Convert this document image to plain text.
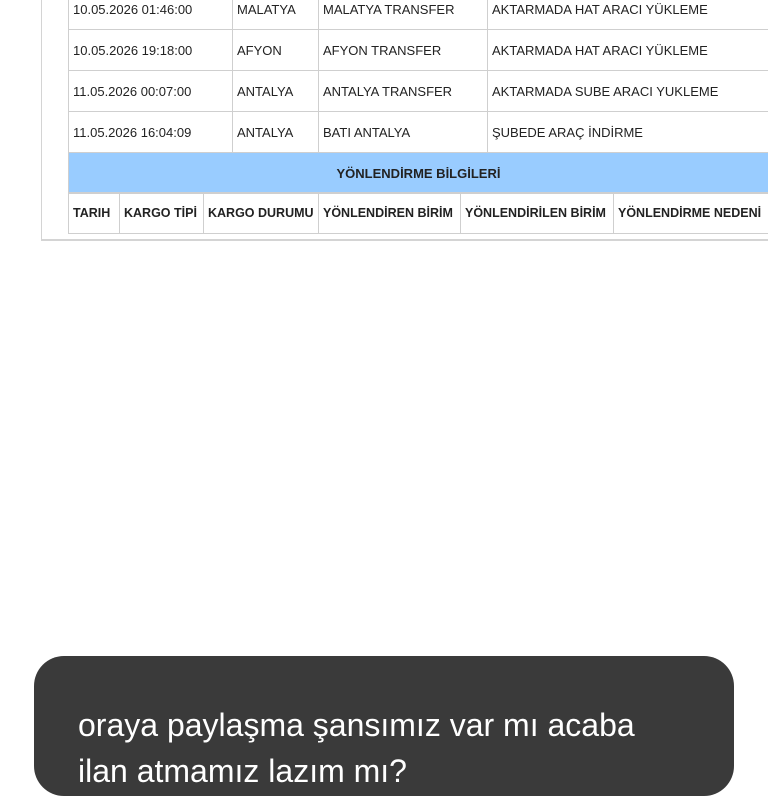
10.05.2026 01:46:00	MALATYA	MALATYA TRANSFER	AKTARMADA HAT ARACI YÜKLEME
10.05.2026 19:18:00	AFYON	AFYON TRANSFER	AKTARMADA HAT ARACI YÜKLEME
11.05.2026 00:07:00	ANTALYA	ANTALYA TRANSFER	AKTARMADA SUBE ARACI YUKLEME
11.05.2026 16:04:09	ANTALYA	BATI ANTALYA	ŞUBEDE ARAÇ İNDİRME
YÖNLENDİRME BİLGİLERİ			
TARIH	KARGO TİPİ	KARGO DURUMU	YÖNLENDİREN BİRİM	YÖNLENDİRİLEN BİRİM	YÖNLENDİRME NEDENİ
oraya paylaşma şansımız var mı acaba
ilan atmamız lazım mı?
